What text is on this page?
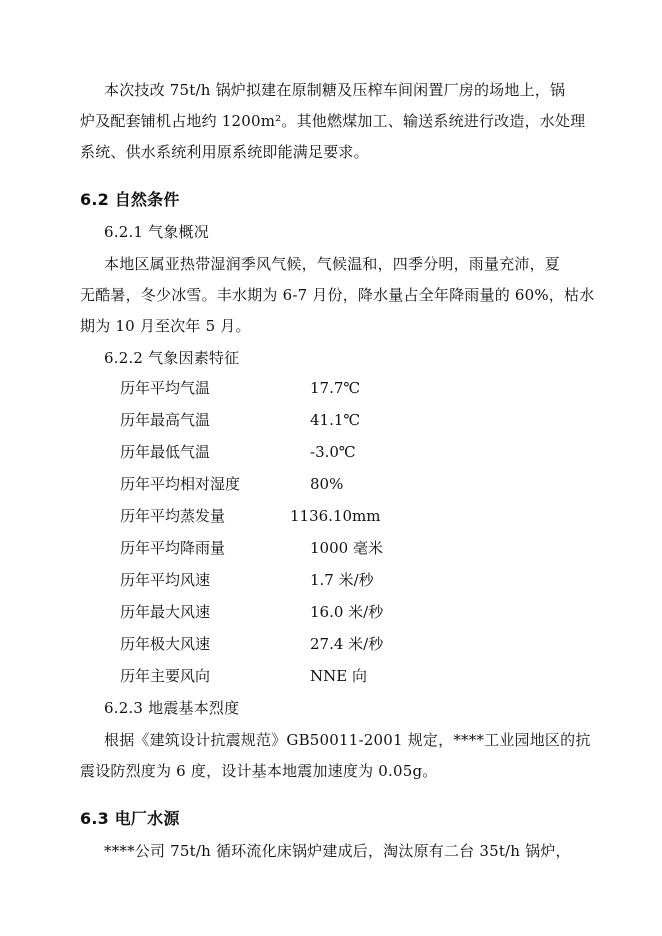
本次技改 75t/h 锅炉拟建在原制糖及压榨车间闲置厂房的场地上，锅
炉及配套铺机占地约 1200m²。其他燃煤加工、输送系统进行改造，水处理
系统、供水系统利用原系统即能满足要求。
6.2 自然条件
6.2.1 气象概况
本地区属亚热带湿润季风气候，气候温和，四季分明，雨量充沛，夏
无酷暑，冬少冰雪。丰水期为 6-7 月份，降水量占全年降雨量的 60%，枯水
期为 10 月至次年 5 月。
6.2.2 气象因素特征
历年平均气温	17.7℃
历年最高气温	41.1℃
历年最低气温	-3.0℃
历年平均相对湿度	80%
历年平均蒸发量	1136.10mm
历年平均降雨量	1000 毫米
历年平均风速	1.7 米/秒
历年最大风速	16.0 米/秒
历年极大风速	27.4 米/秒
历年主要风向	NNE 向
6.2.3 地震基本烈度
根据《建筑设计抗震规范》GB50011-2001 规定，****工业园地区的抗
震设防烈度为 6 度，设计基本地震加速度为 0.05g。
6.3 电厂水源
****公司 75t/h 循环流化床锅炉建成后，淘汰原有二台 35t/h 锅炉，
